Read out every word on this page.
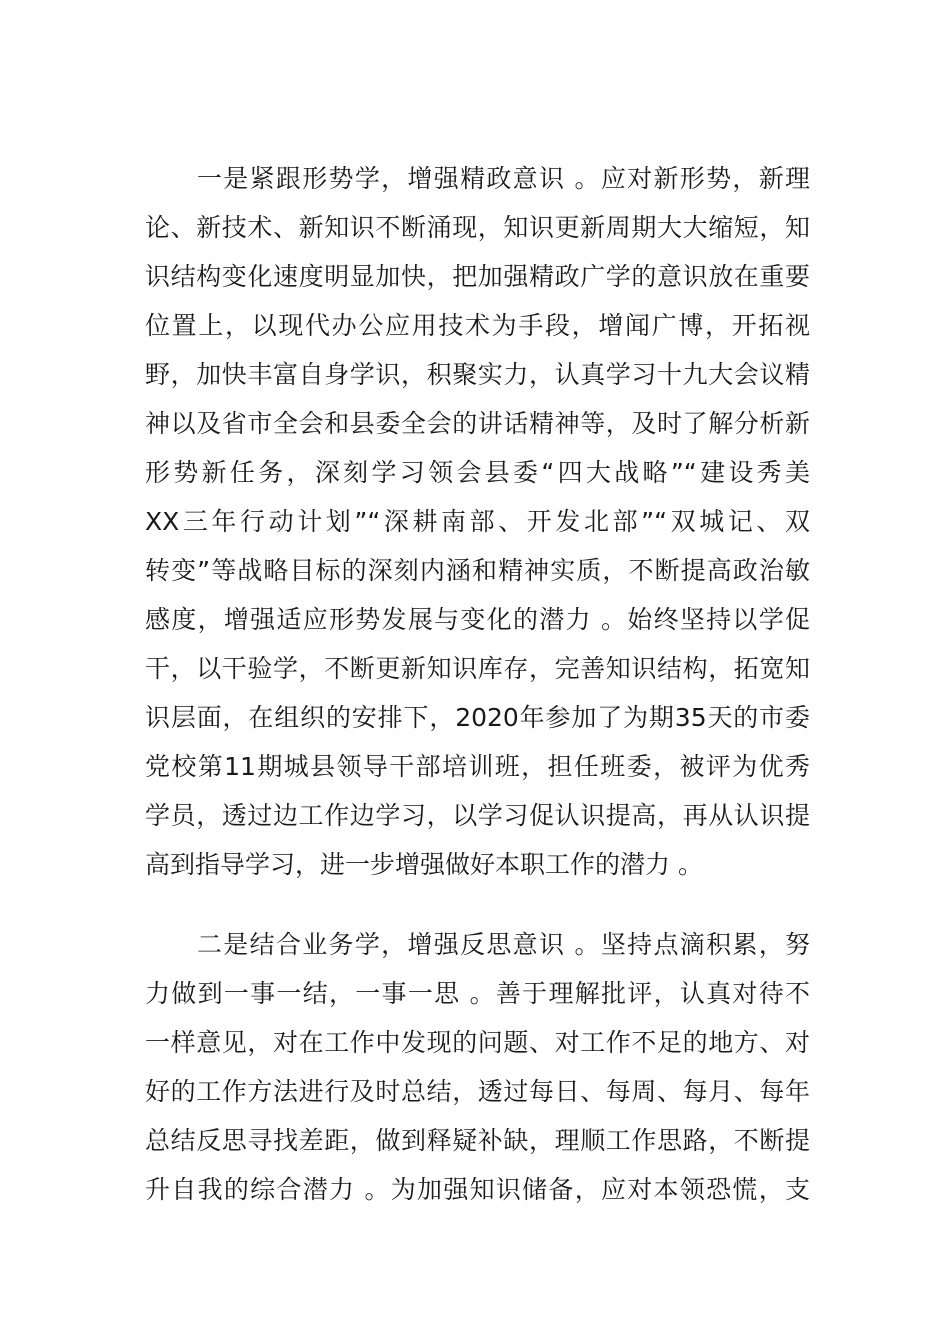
一是紧跟形势学，增强精政意识 。应对新形势，新理
论、新技术、新知识不断涌现，知识更新周期大大缩短，知
识结构变化速度明显加快，把加强精政广学的意识放在重要
位置上，以现代办公应用技术为手段，增闻广博，开拓视
野，加快丰富自身学识，积聚实力，认真学习十九大会议精
神以及省市全会和县委全会的讲话精神等，及时了解分析新
形势新任务，深刻学习领会县委“四大战略”“建设秀美
XX三年行动计划”“深耕南部、开发北部”“双城记、双
转变”等战略目标的深刻内涵和精神实质，不断提高政治敏
感度，增强适应形势发展与变化的潜力 。始终坚持以学促
干，以干验学，不断更新知识库存，完善知识结构，拓宽知
识层面，在组织的安排下，2020年参加了为期35天的市委
党校第11期城县领导干部培训班，担任班委，被评为优秀
学员，透过边工作边学习，以学习促认识提高，再从认识提
高到指导学习，进一步增强做好本职工作的潜力 。
二是结合业务学，增强反思意识 。坚持点滴积累，努
力做到一事一结，一事一思 。善于理解批评，认真对待不
一样意见，对在工作中发现的问题、对工作不足的地方、对
好的工作方法进行及时总结，透过每日、每周、每月、每年
总结反思寻找差距，做到释疑补缺，理顺工作思路，不断提
升自我的综合潜力 。为加强知识储备，应对本领恐慌，支
